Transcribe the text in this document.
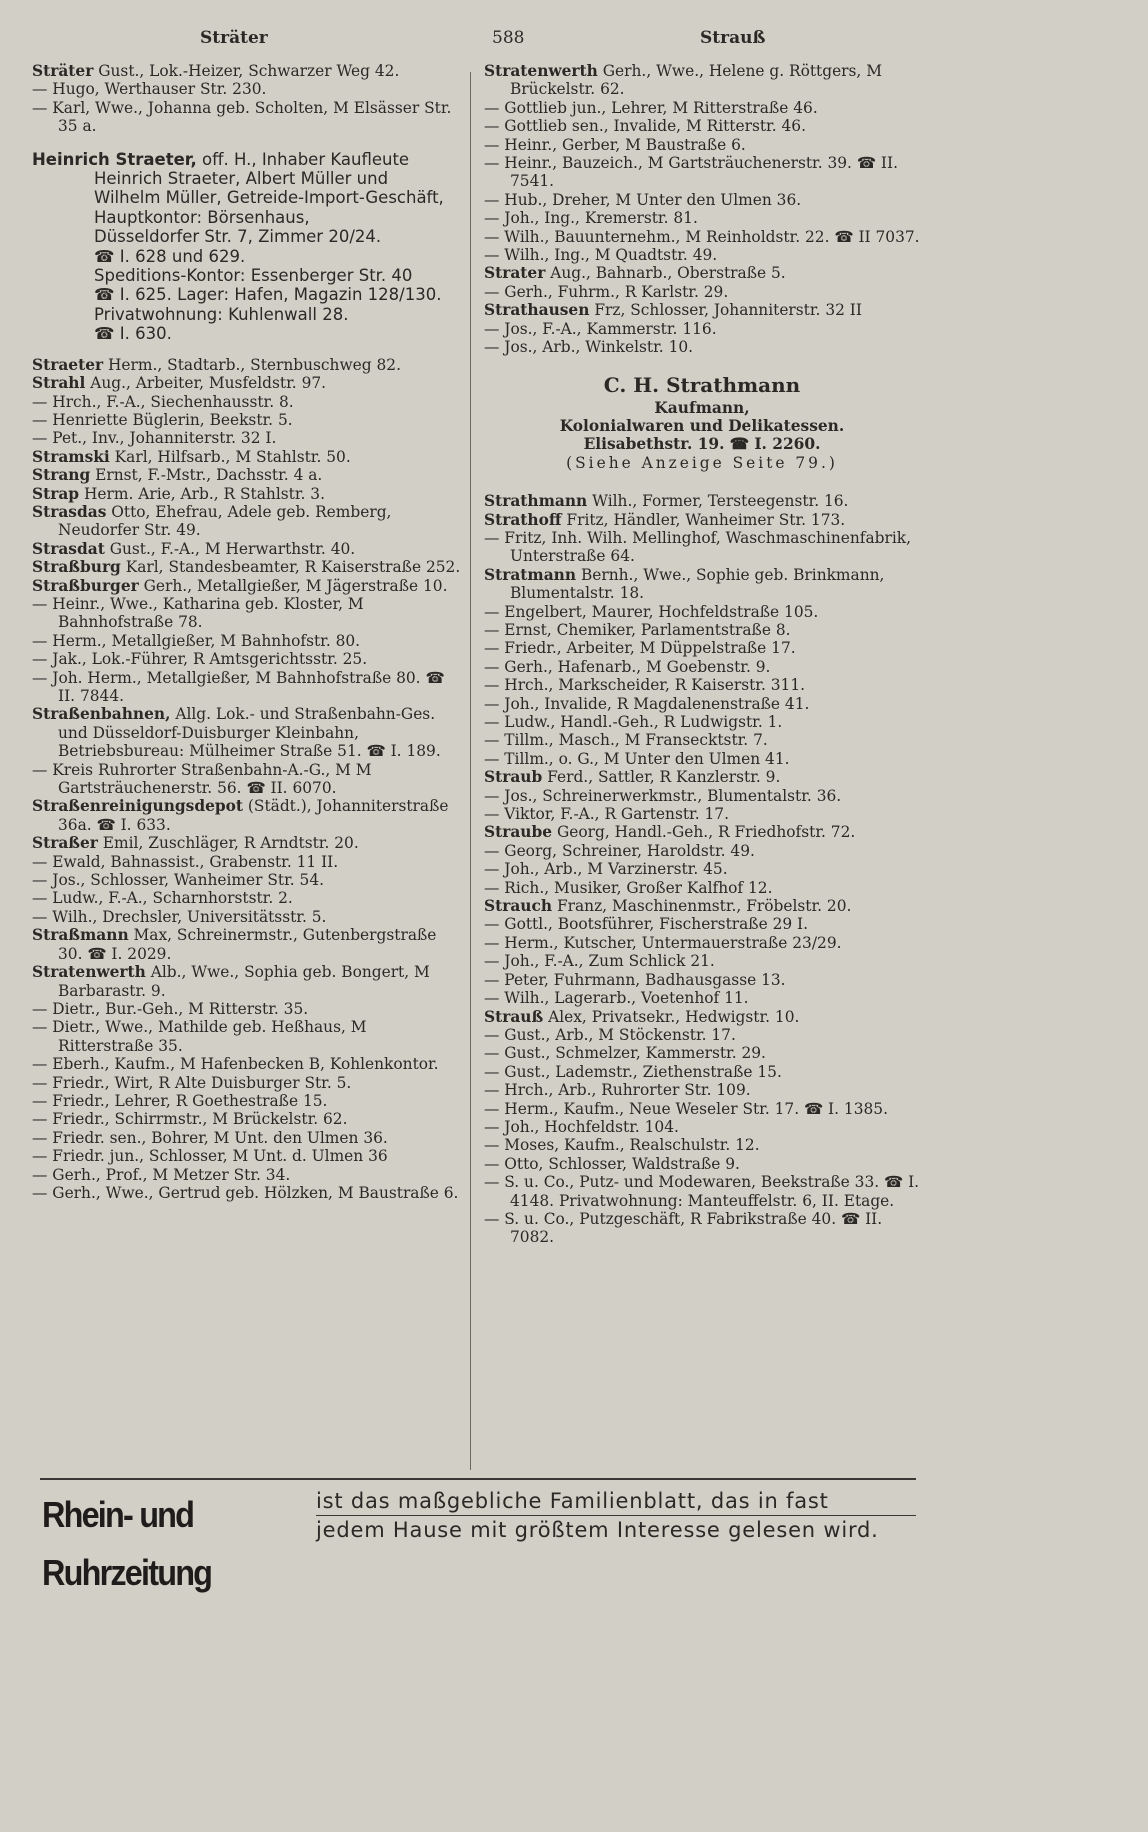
Sträter	588	Strauß

Sträter Gust., Lok.-Heizer, Schwarzer Weg 42.

— Hugo, Werthauser Str. 230.

— Karl, Wwe., Johanna geb. Scholten, M Elsässer Str. 35 a.

Heinrich Straeter, off. H., Inhaber Kaufleute

Heinrich Straeter, Albert Müller und

Wilhelm Müller, Getreide-Import-Geschäft, Hauptkontor: Börsenhaus,

Düsseldorfer Str. 7, Zimmer 20/24.

☎ I. 628 und 629.

Speditions-Kontor: Essenberger Str. 40

☎ I. 625. Lager: Hafen, Magazin 128/130.

Privatwohnung: Kuhlenwall 28.

☎ I. 630.

Straeter Herm., Stadtarb., Sternbuschweg 82.

Strahl Aug., Arbeiter, Musfeldstr. 97.

— Hrch., F.-A., Siechenhausstr. 8.

— Henriette Büglerin, Beekstr. 5.

— Pet., Inv., Johanniterstr. 32 I.

Stramski Karl, Hilfsarb., M Stahlstr. 50.

Strang Ernst, F.-Mstr., Dachsstr. 4 a.

Strap Herm. Arie, Arb., R Stahlstr. 3.

Strasdas Otto, Ehefrau, Adele geb. Remberg, Neudorfer Str. 49.

Strasdat Gust., F.-A., M Herwarthstr. 40.

Straßburg Karl, Standesbeamter, R Kaiserstraße 252.

Straßburger Gerh., Metallgießer, M Jägerstraße 10.

— Heinr., Wwe., Katharina geb. Kloster, M Bahnhofstraße 78.

— Herm., Metallgießer, M Bahnhofstr. 80.

— Jak., Lok.-Führer, R Amtsgerichtsstr. 25.

— Joh. Herm., Metallgießer, M Bahnhofstraße 80. ☎ II. 7844.

Straßenbahnen, Allg. Lok.- und Straßenbahn-Ges. und Düsseldorf-Duisburger Kleinbahn, Betriebsbureau: Mülheimer Straße 51. ☎ I. 189.

— Kreis Ruhrorter Straßenbahn-A.-G., M M Gartsträuchenerstr. 56. ☎ II. 6070.

Straßenreinigungsdepot (Städt.), Johanniterstraße 36a. ☎ I. 633.

Straßer Emil, Zuschläger, R Arndtstr. 20.

— Ewald, Bahnassist., Grabenstr. 11 II.

— Jos., Schlosser, Wanheimer Str. 54.

— Ludw., F.-A., Scharnhorststr. 2.

— Wilh., Drechsler, Universitätsstr. 5.

Straßmann Max, Schreinermstr., Gutenbergstraße 30. ☎ I. 2029.

Stratenwerth Alb., Wwe., Sophia geb. Bongert, M Barbarastr. 9.

— Dietr., Bur.-Geh., M Ritterstr. 35.

— Dietr., Wwe., Mathilde geb. Heßhaus, M Ritterstraße 35.

— Eberh., Kaufm., M Hafenbecken B, Kohlenkontor.

— Friedr., Wirt, R Alte Duisburger Str. 5.

— Friedr., Lehrer, R Goethestraße 15.

— Friedr., Schirrmstr., M Brückelstr. 62.

— Friedr. sen., Bohrer, M Unt. den Ulmen 36.

— Friedr. jun., Schlosser, M Unt. d. Ulmen 36

— Gerh., Prof., M Metzer Str. 34.

— Gerh., Wwe., Gertrud geb. Hölzken, M Baustraße 6.

Stratenwerth Gerh., Wwe., Helene g. Röttgers, M Brückelstr. 62.

— Gottlieb jun., Lehrer, M Ritterstraße 46.

— Gottlieb sen., Invalide, M Ritterstr. 46.

— Heinr., Gerber, M Baustraße 6.

— Heinr., Bauzeich., M Gartsträuchenerstr. 39. ☎ II. 7541.

— Hub., Dreher, M Unter den Ulmen 36.

— Joh., Ing., Kremerstr. 81.

— Wilh., Bauunternehm., M Reinholdstr. 22. ☎ II 7037.

— Wilh., Ing., M Quadtstr. 49.

Strater Aug., Bahnarb., Oberstraße 5.

— Gerh., Fuhrm., R Karlstr. 29.

Strathausen Frz, Schlosser, Johanniterstr. 32 II

— Jos., F.-A., Kammerstr. 116.

— Jos., Arb., Winkelstr. 10.

C. H. Strathmann
Kaufmann,
Kolonialwaren und Delikatessen.
Elisabethstr. 19. ☎ I. 2260.
(Siehe Anzeige Seite 79.)

Strathmann Wilh., Former, Tersteegenstr. 16.

Strathoff Fritz, Händler, Wanheimer Str. 173.

— Fritz, Inh. Wilh. Mellinghof, Waschmaschinenfabrik, Unterstraße 64.

Stratmann Bernh., Wwe., Sophie geb. Brinkmann, Blumentalstr. 18.

— Engelbert, Maurer, Hochfeldstraße 105.

— Ernst, Chemiker, Parlamentstraße 8.

— Friedr., Arbeiter, M Düppelstraße 17.

— Gerh., Hafenarb., M Goebenstr. 9.

— Hrch., Markscheider, R Kaiserstr. 311.

— Joh., Invalide, R Magdalenenstraße 41.

— Ludw., Handl.-Geh., R Ludwigstr. 1.

— Tillm., Masch., M Fransecktstr. 7.

— Tillm., o. G., M Unter den Ulmen 41.

Straub Ferd., Sattler, R Kanzlerstr. 9.

— Jos., Schreinerwerkmstr., Blumentalstr. 36.

— Viktor, F.-A., R Gartenstr. 17.

Straube Georg, Handl.-Geh., R Friedhofstr. 72.

— Georg, Schreiner, Haroldstr. 49.

— Joh., Arb., M Varzinerstr. 45.

— Rich., Musiker, Großer Kalfhof 12.

Strauch Franz, Maschinenmstr., Fröbelstr. 20.

— Gottl., Bootsführer, Fischerstraße 29 I.

— Herm., Kutscher, Untermauerstraße 23/29.

— Joh., F.-A., Zum Schlick 21.

— Peter, Fuhrmann, Badhausgasse 13.

— Wilh., Lagerarb., Voetenhof 11.

Strauß Alex, Privatsekr., Hedwigstr. 10.

— Gust., Arb., M Stöckenstr. 17.

— Gust., Schmelzer, Kammerstr. 29.

— Gust., Lademstr., Ziethenstraße 15.

— Hrch., Arb., Ruhrorter Str. 109.

— Herm., Kaufm., Neue Weseler Str. 17. ☎ I. 1385.

— Joh., Hochfeldstr. 104.

— Moses, Kaufm., Realschulstr. 12.

— Otto, Schlosser, Waldstraße 9.

— S. u. Co., Putz- und Modewaren, Beekstraße 33. ☎ I. 4148. Privatwohnung: Manteuffelstr. 6, II. Etage.

— S. u. Co., Putzgeschäft, R Fabrikstraße 40. ☎ II. 7082.

Rhein- und Ruhrzeitung
ist das maßgebliche Familienblatt, das in fast
jedem Hause mit größtem Interesse gelesen wird.
